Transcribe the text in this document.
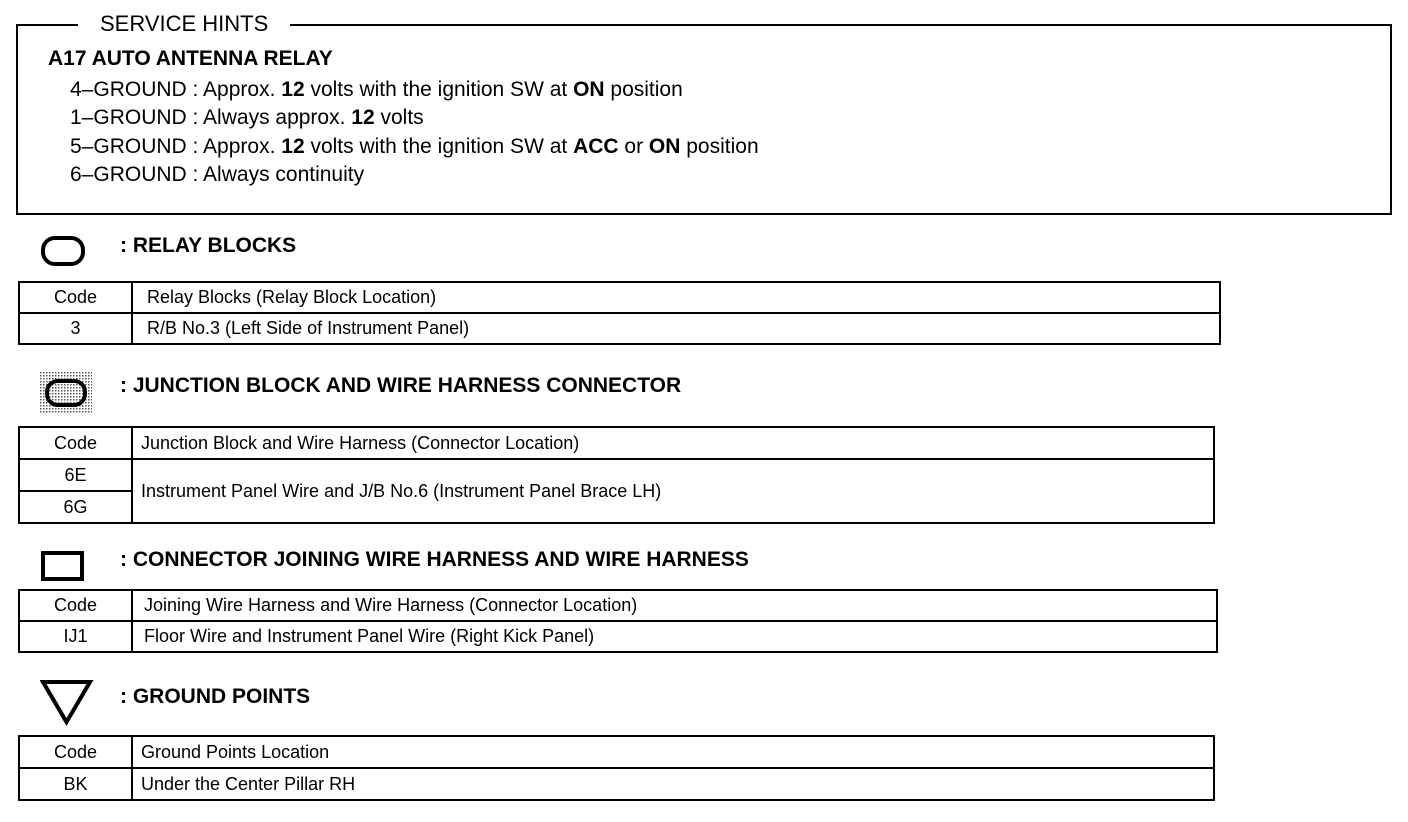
SERVICE HINTS
A17 AUTO ANTENNA RELAY
4–GROUND : Approx. 12 volts with the ignition SW at ON position
1–GROUND : Always approx. 12 volts
5–GROUND : Approx. 12 volts with the ignition SW at ACC or ON position
6–GROUND : Always continuity
: RELAY BLOCKS
Code	Relay Blocks (Relay Block Location)
3	R/B No.3 (Left Side of Instrument Panel)
: JUNCTION BLOCK AND WIRE HARNESS CONNECTOR
Code	Junction Block and Wire Harness (Connector Location)
6E	Instrument Panel Wire and J/B No.6 (Instrument Panel Brace LH)
6G	
: CONNECTOR JOINING WIRE HARNESS AND WIRE HARNESS
Code	Joining Wire Harness and Wire Harness (Connector Location)
IJ1	Floor Wire and Instrument Panel Wire (Right Kick Panel)
: GROUND POINTS
Code	Ground Points Location
BK	Under the Center Pillar RH
